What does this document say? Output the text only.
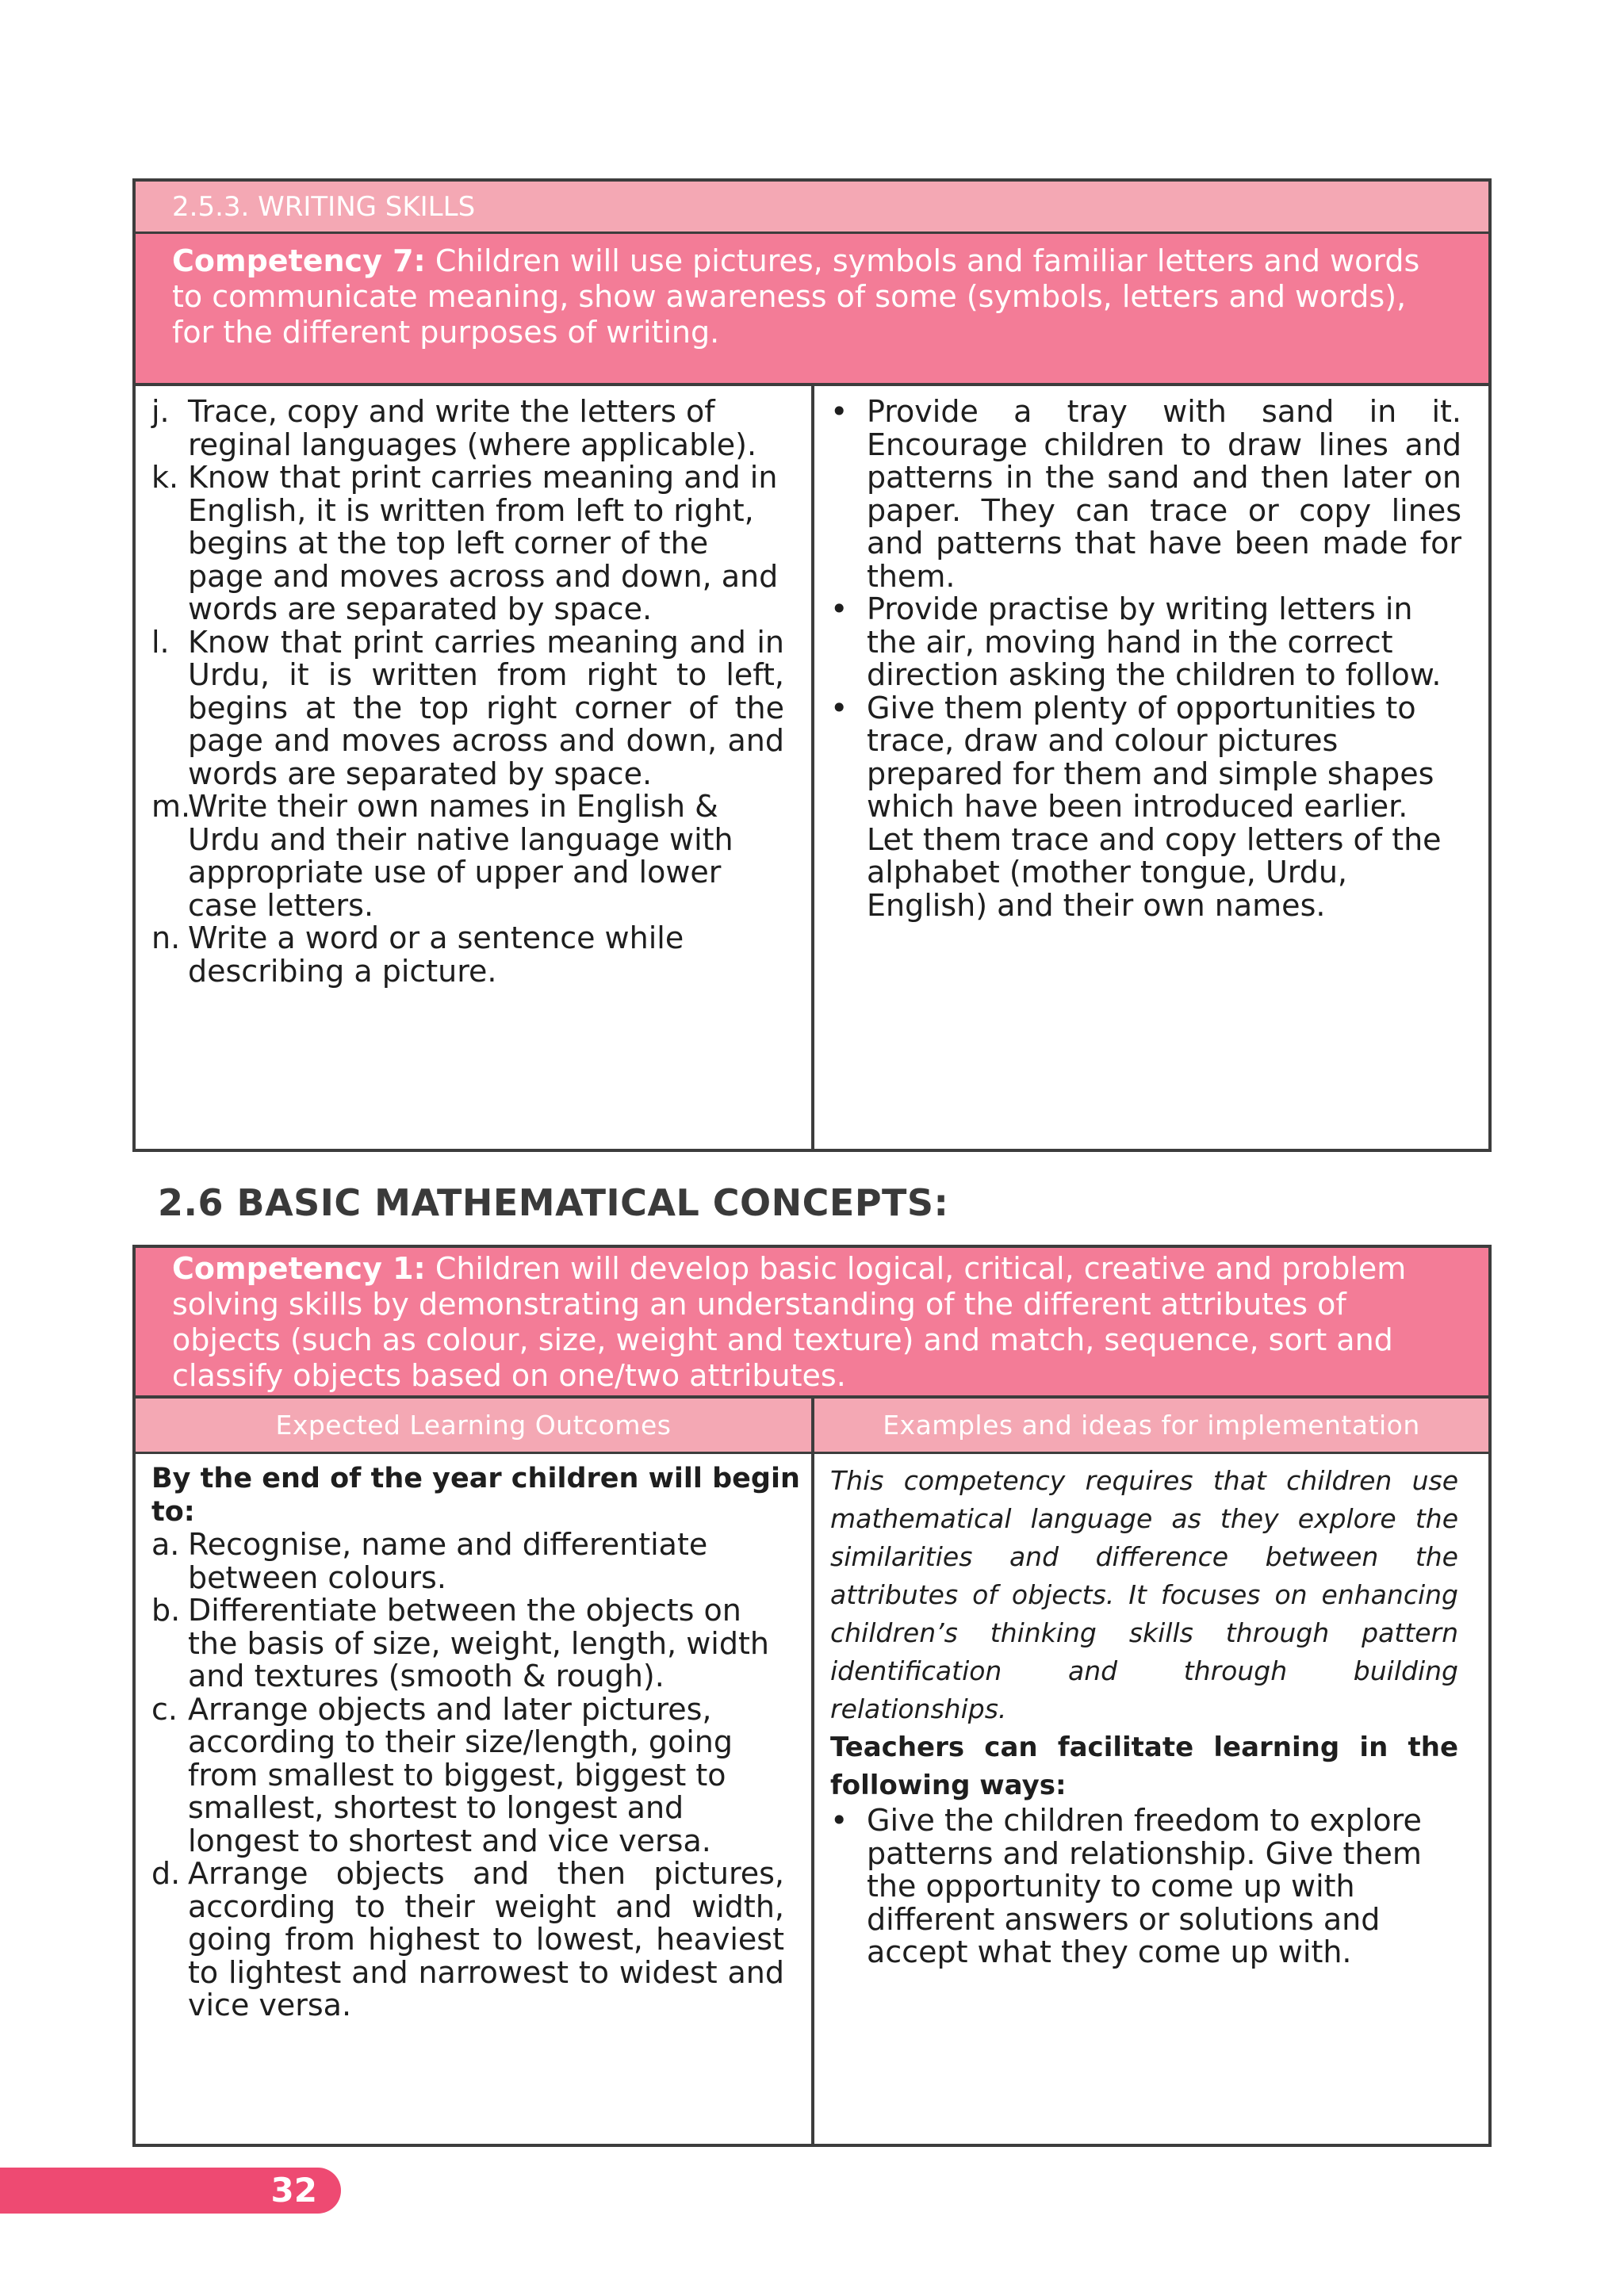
2.5.3. WRITING SKILLS
Competency 7: Children will use pictures, symbols and familiar letters and words to communicate meaning, show awareness of some (symbols, letters and words), for the different purposes of writing.
j. Trace, copy and write the letters of reginal languages (where applicable).
k. Know that print carries meaning and in English, it is written from left to right, begins at the top left corner of the page and moves across and down, and words are separated by space.
l. Know that print carries meaning and in Urdu, it is written from right to left, begins at the top right corner of the page and moves across and down, and words are separated by space.
m.
Write their own names in English & Urdu and their native language with appropriate use of upper and lower case letters.
n. Write a word or a sentence while describing a picture.
• Provide a tray with sand in it. Encourage children to draw lines and patterns in the sand and then later on paper. They can trace or copy lines and patterns that have been made for them.
• Provide practise by writing letters in the air, moving hand in the correct direction asking the children to follow.
• Give them plenty of opportunities to trace, draw and colour pictures prepared for them and simple shapes which have been introduced earlier. Let them trace and copy letters of the alphabet (mother tongue, Urdu, English) and their own names.
2.6 BASIC MATHEMATICAL CONCEPTS:
Competency 1: Children will develop basic logical, critical, creative and problem solving skills by demonstrating an understanding of the different attributes of objects (such as colour, size, weight and texture) and match, sequence, sort and classify objects based on one/two attributes.
Expected Learning Outcomes	Examples and ideas for implementation
By the end of the year children will begin to:
a. Recognise, name and differentiate between colours.
b. Differentiate between the objects on the basis of size, weight, length, width and textures (smooth & rough).
c. Arrange objects and later pictures, according to their size/length, going from smallest to biggest, biggest to smallest, shortest to longest and longest to shortest and vice versa.
d. Arrange objects and then pictures, according to their weight and width, going from highest to lowest, heaviest to lightest and narrowest to widest and vice versa.

This competency requires that children use mathematical language as they explore the similarities and difference between the attributes of objects. It focuses on enhancing children’s thinking skills through pattern identification and through building relationships.

Teachers can facilitate learning in the following ways:

• Give the children freedom to explore patterns and relationship. Give them the opportunity to come up with different answers or solutions and accept what they come up with.
32
